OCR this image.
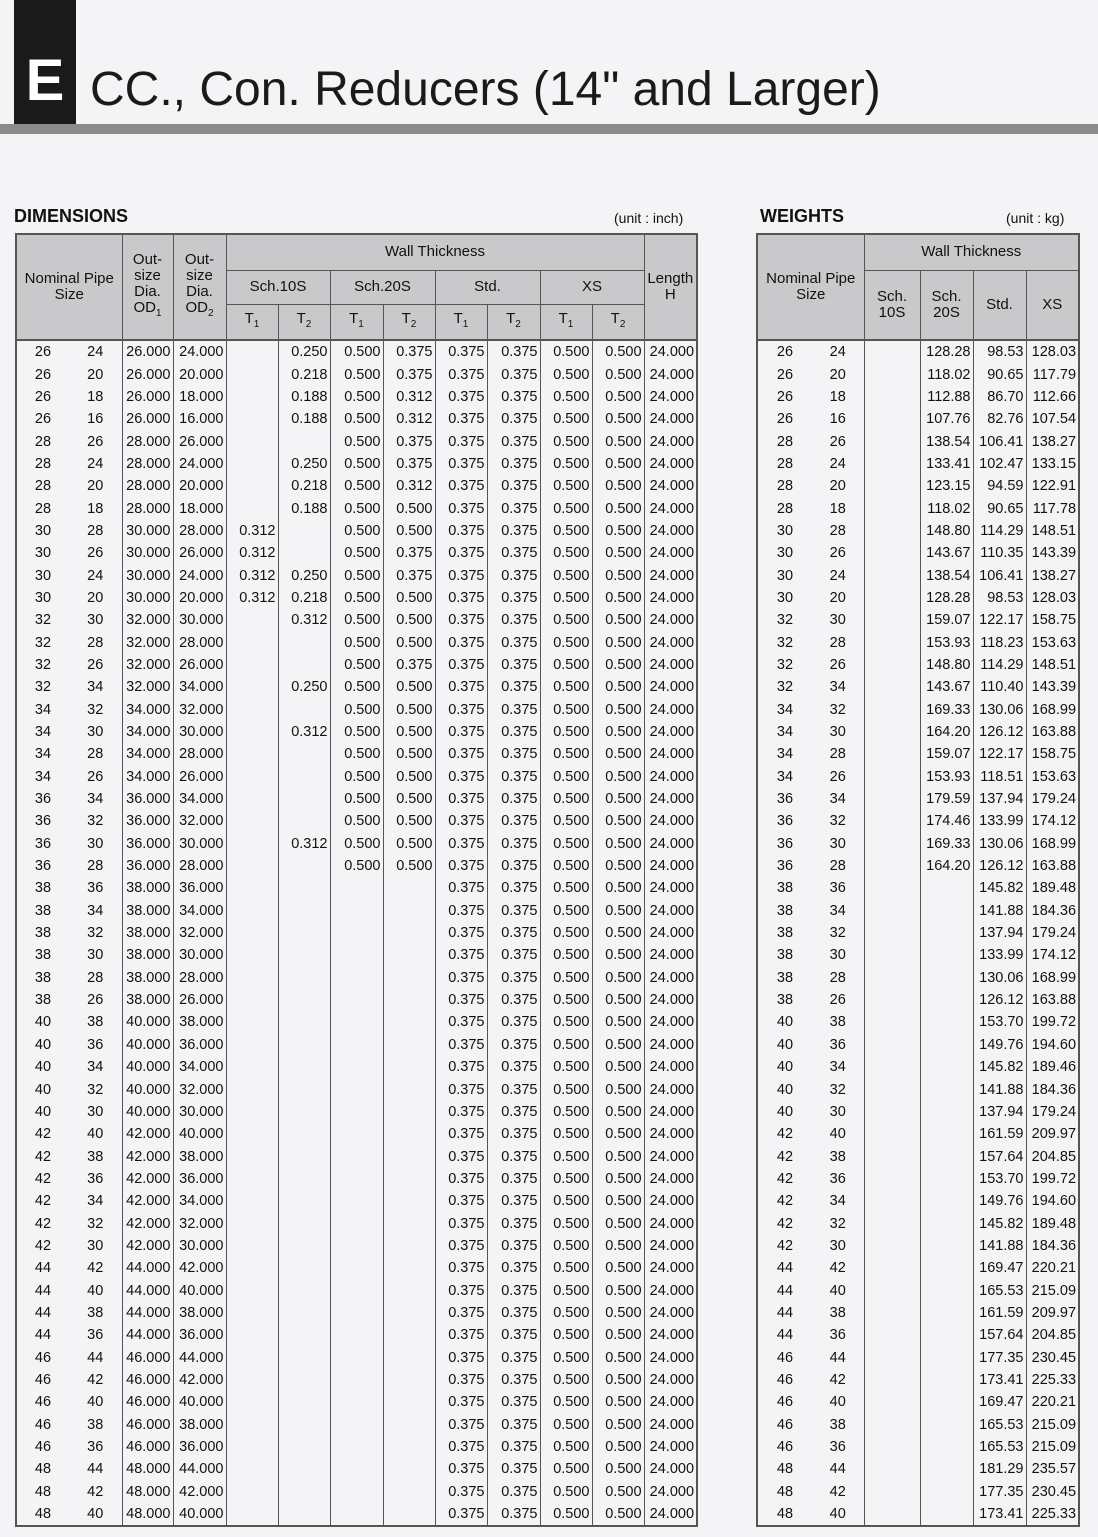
E CC., Con. Reducers (14" and Larger)
DIMENSIONS	(unit : inch)	WEIGHTS	(unit : kg)
Nominal Pipe Size		Out-size Dia. $OD_1$	Out-size Dia. $OD_2$	Wall Thickness								Length H
				Sch.10S		Sch.20S		Std.		XS		
				$T_1$	$T_2$	$T_1$	$T_2$	$T_1$	$T_2$	$T_1$	$T_2$
26	24	26.000	24.000		0.250	0.500	0.375	0.375	0.375	0.500	0.500	24.000
26	20	26.000	20.000		0.218	0.500	0.375	0.375	0.375	0.500	0.500	24.000
26	18	26.000	18.000		0.188	0.500	0.312	0.375	0.375	0.500	0.500	24.000
26	16	26.000	16.000		0.188	0.500	0.312	0.375	0.375	0.500	0.500	24.000
28	26	28.000	26.000			0.500	0.375	0.375	0.375	0.500	0.500	24.000
28	24	28.000	24.000		0.250	0.500	0.375	0.375	0.375	0.500	0.500	24.000
28	20	28.000	20.000		0.218	0.500	0.312	0.375	0.375	0.500	0.500	24.000
28	18	28.000	18.000		0.188	0.500	0.500	0.375	0.375	0.500	0.500	24.000
30	28	30.000	28.000	0.312		0.500	0.500	0.375	0.375	0.500	0.500	24.000
30	26	30.000	26.000	0.312		0.500	0.375	0.375	0.375	0.500	0.500	24.000
30	24	30.000	24.000	0.312	0.250	0.500	0.375	0.375	0.375	0.500	0.500	24.000
30	20	30.000	20.000	0.312	0.218	0.500	0.500	0.375	0.375	0.500	0.500	24.000
32	30	32.000	30.000		0.312	0.500	0.500	0.375	0.375	0.500	0.500	24.000
32	28	32.000	28.000			0.500	0.500	0.375	0.375	0.500	0.500	24.000
32	26	32.000	26.000			0.500	0.375	0.375	0.375	0.500	0.500	24.000
32	34	32.000	34.000		0.250	0.500	0.500	0.375	0.375	0.500	0.500	24.000
34	32	34.000	32.000			0.500	0.500	0.375	0.375	0.500	0.500	24.000
34	30	34.000	30.000		0.312	0.500	0.500	0.375	0.375	0.500	0.500	24.000
34	28	34.000	28.000			0.500	0.500	0.375	0.375	0.500	0.500	24.000
34	26	34.000	26.000			0.500	0.500	0.375	0.375	0.500	0.500	24.000
36	34	36.000	34.000			0.500	0.500	0.375	0.375	0.500	0.500	24.000
36	32	36.000	32.000			0.500	0.500	0.375	0.375	0.500	0.500	24.000
36	30	36.000	30.000		0.312	0.500	0.500	0.375	0.375	0.500	0.500	24.000
36	28	36.000	28.000			0.500	0.500	0.375	0.375	0.500	0.500	24.000
38	36	38.000	36.000					0.375	0.375	0.500	0.500	24.000
38	34	38.000	34.000					0.375	0.375	0.500	0.500	24.000
38	32	38.000	32.000					0.375	0.375	0.500	0.500	24.000
38	30	38.000	30.000					0.375	0.375	0.500	0.500	24.000
38	28	38.000	28.000					0.375	0.375	0.500	0.500	24.000
38	26	38.000	26.000					0.375	0.375	0.500	0.500	24.000
40	38	40.000	38.000					0.375	0.375	0.500	0.500	24.000
40	36	40.000	36.000					0.375	0.375	0.500	0.500	24.000
40	34	40.000	34.000					0.375	0.375	0.500	0.500	24.000
40	32	40.000	32.000					0.375	0.375	0.500	0.500	24.000
40	30	40.000	30.000					0.375	0.375	0.500	0.500	24.000
42	40	42.000	40.000					0.375	0.375	0.500	0.500	24.000
42	38	42.000	38.000					0.375	0.375	0.500	0.500	24.000
42	36	42.000	36.000					0.375	0.375	0.500	0.500	24.000
42	34	42.000	34.000					0.375	0.375	0.500	0.500	24.000
42	32	42.000	32.000					0.375	0.375	0.500	0.500	24.000
42	30	42.000	30.000					0.375	0.375	0.500	0.500	24.000
44	42	44.000	42.000					0.375	0.375	0.500	0.500	24.000
44	40	44.000	40.000					0.375	0.375	0.500	0.500	24.000
44	38	44.000	38.000					0.375	0.375	0.500	0.500	24.000
44	36	44.000	36.000					0.375	0.375	0.500	0.500	24.000
46	44	46.000	44.000					0.375	0.375	0.500	0.500	24.000
46	42	46.000	42.000					0.375	0.375	0.500	0.500	24.000
46	40	46.000	40.000					0.375	0.375	0.500	0.500	24.000
46	38	46.000	38.000					0.375	0.375	0.500	0.500	24.000
46	36	46.000	36.000					0.375	0.375	0.500	0.500	24.000
48	44	48.000	44.000					0.375	0.375	0.500	0.500	24.000
48	42	48.000	42.000					0.375	0.375	0.500	0.500	24.000
48	40	48.000	40.000					0.375	0.375	0.500	0.500	24.000
Nominal Pipe Size		Wall Thickness			
		Sch. 10S	Sch. 20S	Std.	XS
26	24		128.28	98.53	128.03
26	20		118.02	90.65	117.79
26	18		112.88	86.70	112.66
26	16		107.76	82.76	107.54
28	26		138.54	106.41	138.27
28	24		133.41	102.47	133.15
28	20		123.15	94.59	122.91
28	18		118.02	90.65	117.78
30	28		148.80	114.29	148.51
30	26		143.67	110.35	143.39
30	24		138.54	106.41	138.27
30	20		128.28	98.53	128.03
32	30		159.07	122.17	158.75
32	28		153.93	118.23	153.63
32	26		148.80	114.29	148.51
32	34		143.67	110.40	143.39
34	32		169.33	130.06	168.99
34	30		164.20	126.12	163.88
34	28		159.07	122.17	158.75
34	26		153.93	118.51	153.63
36	34		179.59	137.94	179.24
36	32		174.46	133.99	174.12
36	30		169.33	130.06	168.99
36	28		164.20	126.12	163.88
38	36			145.82	189.48
38	34			141.88	184.36
38	32			137.94	179.24
38	30			133.99	174.12
38	28			130.06	168.99
38	26			126.12	163.88
40	38			153.70	199.72
40	36			149.76	194.60
40	34			145.82	189.46
40	32			141.88	184.36
40	30			137.94	179.24
42	40			161.59	209.97
42	38			157.64	204.85
42	36			153.70	199.72
42	34			149.76	194.60
42	32			145.82	189.48
42	30			141.88	184.36
44	42			169.47	220.21
44	40			165.53	215.09
44	38			161.59	209.97
44	36			157.64	204.85
46	44			177.35	230.45
46	42			173.41	225.33
46	40			169.47	220.21
46	38			165.53	215.09
46	36			165.53	215.09
48	44			181.29	235.57
48	42			177.35	230.45
48	40			173.41	225.33
